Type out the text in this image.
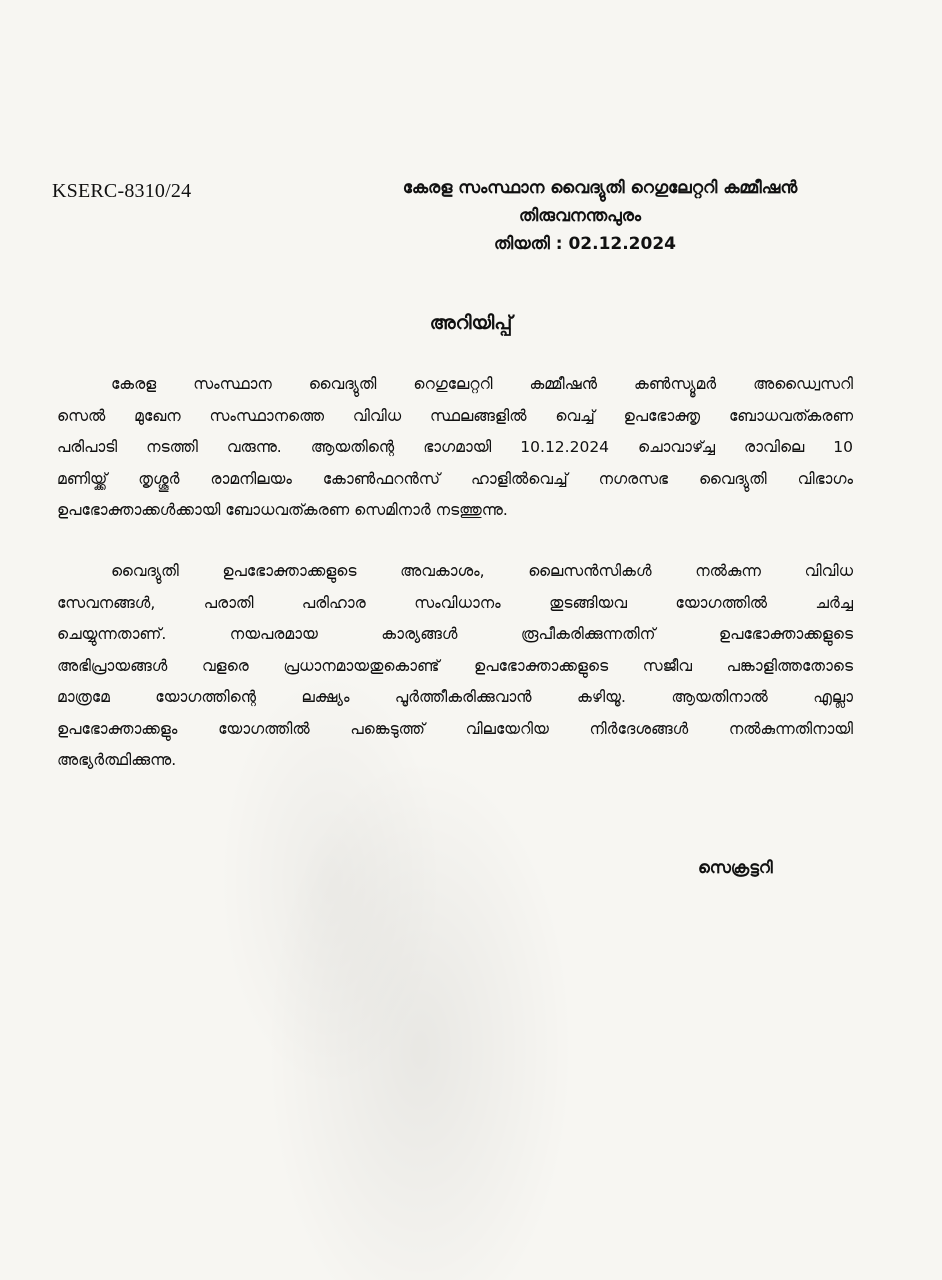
KSERC-8310/24	കേരള സംസ്ഥാന വൈദ്യുതി റെഗുലേറ്ററി കമ്മീഷൻ
തിരുവനന്തപുരം
തിയതി : 02.12.2024
അറിയിപ്പ്
കേരള സംസ്ഥാന വൈദ്യുതി റെഗുലേറ്ററി കമ്മീഷൻ കൺസ്യൂമർ അഡ്വൈസറി
സെൽ മുഖേന സംസ്ഥാനത്തെ വിവിധ സ്ഥലങ്ങളിൽ വെച്ച് ഉപഭോക്തൃ ബോധവത്കരണ
പരിപാടി നടത്തി വരുന്നു. ആയതിന്റെ ഭാഗമായി 10.12.2024 ചൊവാഴ്ച്ച രാവിലെ 10
മണിയ്ക്ക് തൃശ്ശൂർ രാമനിലയം കോൺഫറൻസ് ഹാളിൽവെച്ച് നഗരസഭ വൈദ്യുതി വിഭാഗം
ഉപഭോക്താക്കൾക്കായി ബോധവത്കരണ സെമിനാർ നടത്തുന്നു.
വൈദ്യുതി ഉപഭോക്താക്കളുടെ അവകാശം, ലൈസൻസികൾ നൽകുന്ന വിവിധ
സേവനങ്ങൾ, പരാതി പരിഹാര സംവിധാനം തുടങ്ങിയവ യോഗത്തിൽ ചർച്ച
ചെയ്യുന്നതാണ്. നയപരമായ കാര്യങ്ങൾ രൂപീകരിക്കുന്നതിന് ഉപഭോക്താക്കളുടെ
അഭിപ്രായങ്ങൾ വളരെ പ്രധാനമായതുകൊണ്ട് ഉപഭോക്താക്കളുടെ സജീവ പങ്കാളിത്തതോടെ
മാത്രമേ യോഗത്തിന്റെ ലക്ഷ്യം പൂർത്തീകരിക്കുവാൻ കഴിയൂ. ആയതിനാൽ എല്ലാ
ഉപഭോക്താക്കളും യോഗത്തിൽ പങ്കെടുത്ത് വിലയേറിയ നിർദേശങ്ങൾ നൽകുന്നതിനായി
അഭ്യർത്ഥിക്കുന്നു.
സെക്രട്ടറി
